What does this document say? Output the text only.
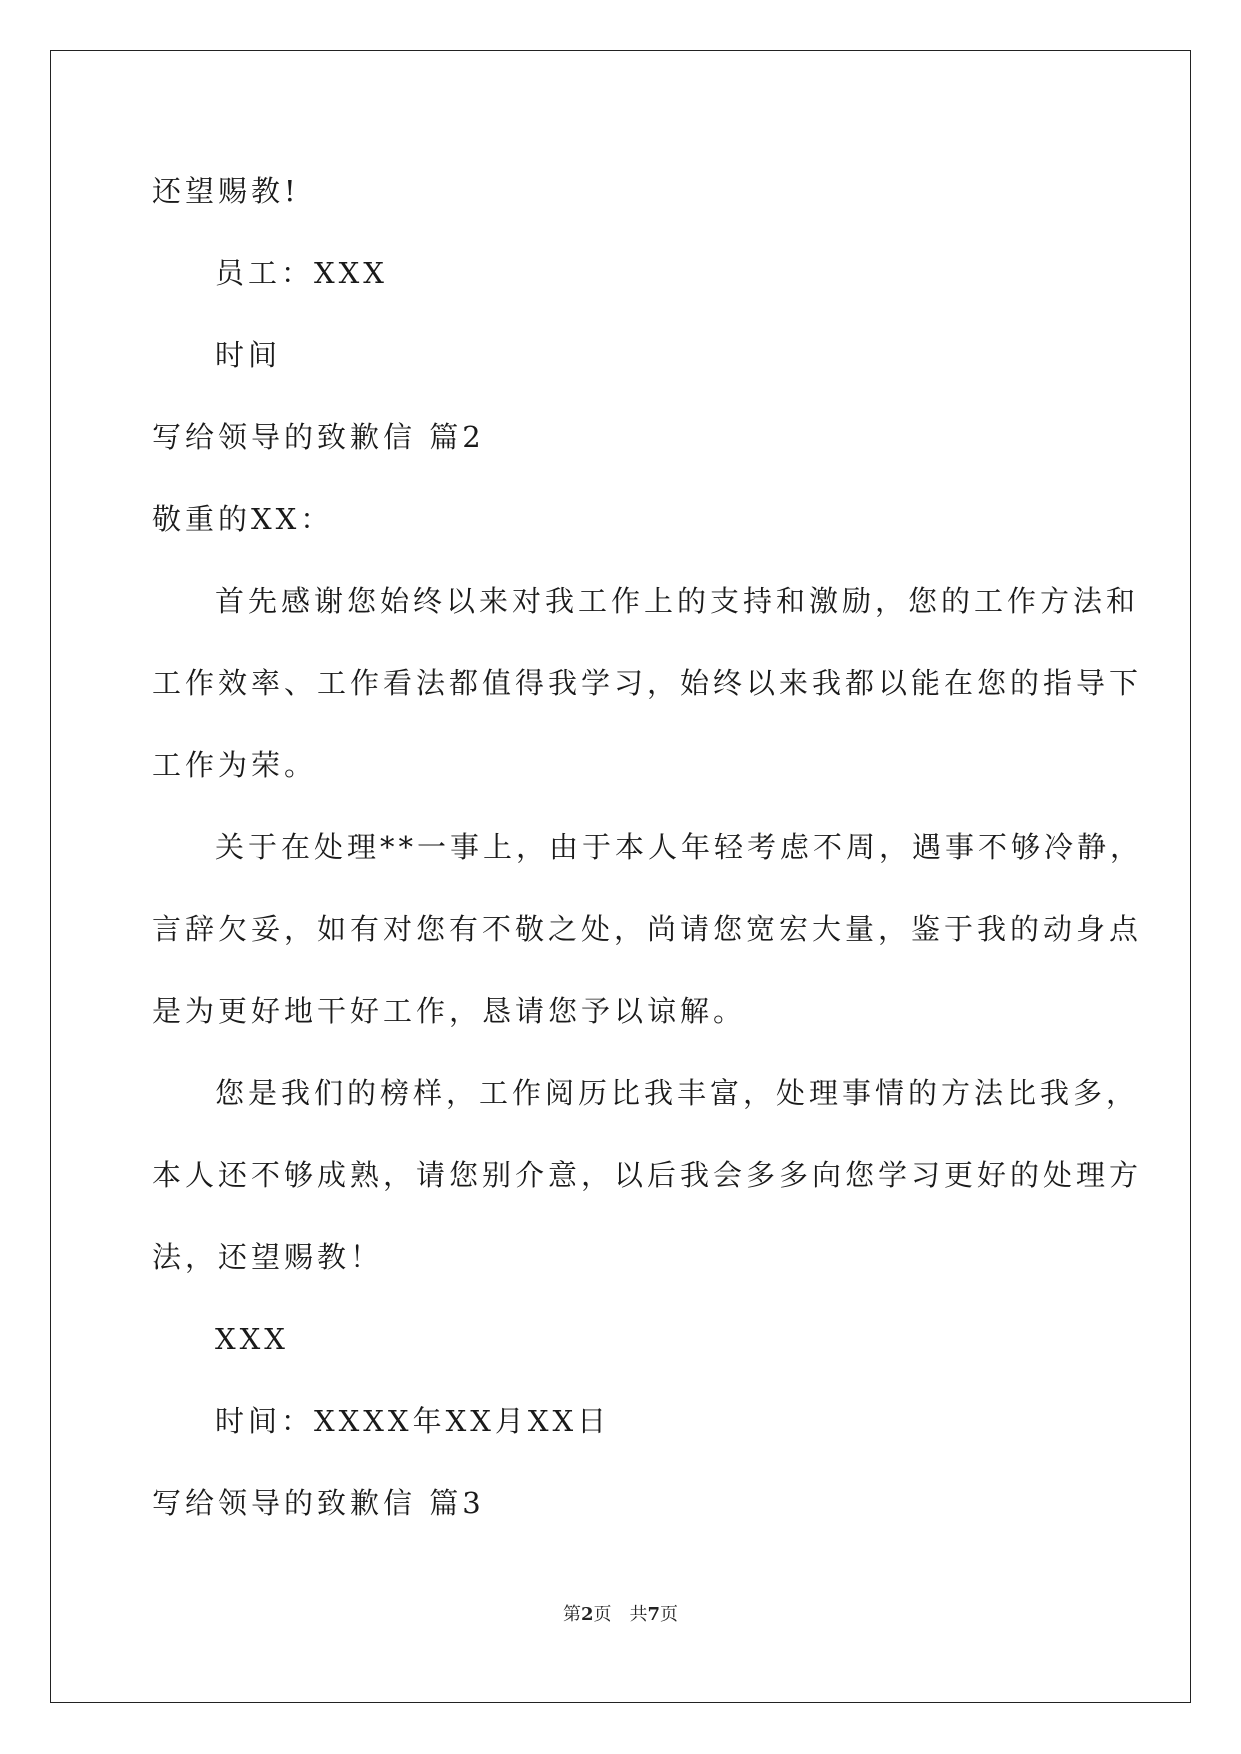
还望赐教!
员工：XXX
时间
写给领导的致歉信 篇2
敬重的XX：
首先感谢您始终以来对我工作上的支持和激励，您的工作方法和
工作效率、工作看法都值得我学习，始终以来我都以能在您的指导下
工作为荣。
关于在处理**一事上，由于本人年轻考虑不周，遇事不够冷静，
言辞欠妥，如有对您有不敬之处，尚请您宽宏大量，鉴于我的动身点
是为更好地干好工作，恳请您予以谅解。
您是我们的榜样，工作阅历比我丰富，处理事情的方法比我多，
本人还不够成熟，请您别介意，以后我会多多向您学习更好的处理方
法，还望赐教！
XXX
时间：XXXX年XX月XX日
写给领导的致歉信 篇3
第2页　共7页
